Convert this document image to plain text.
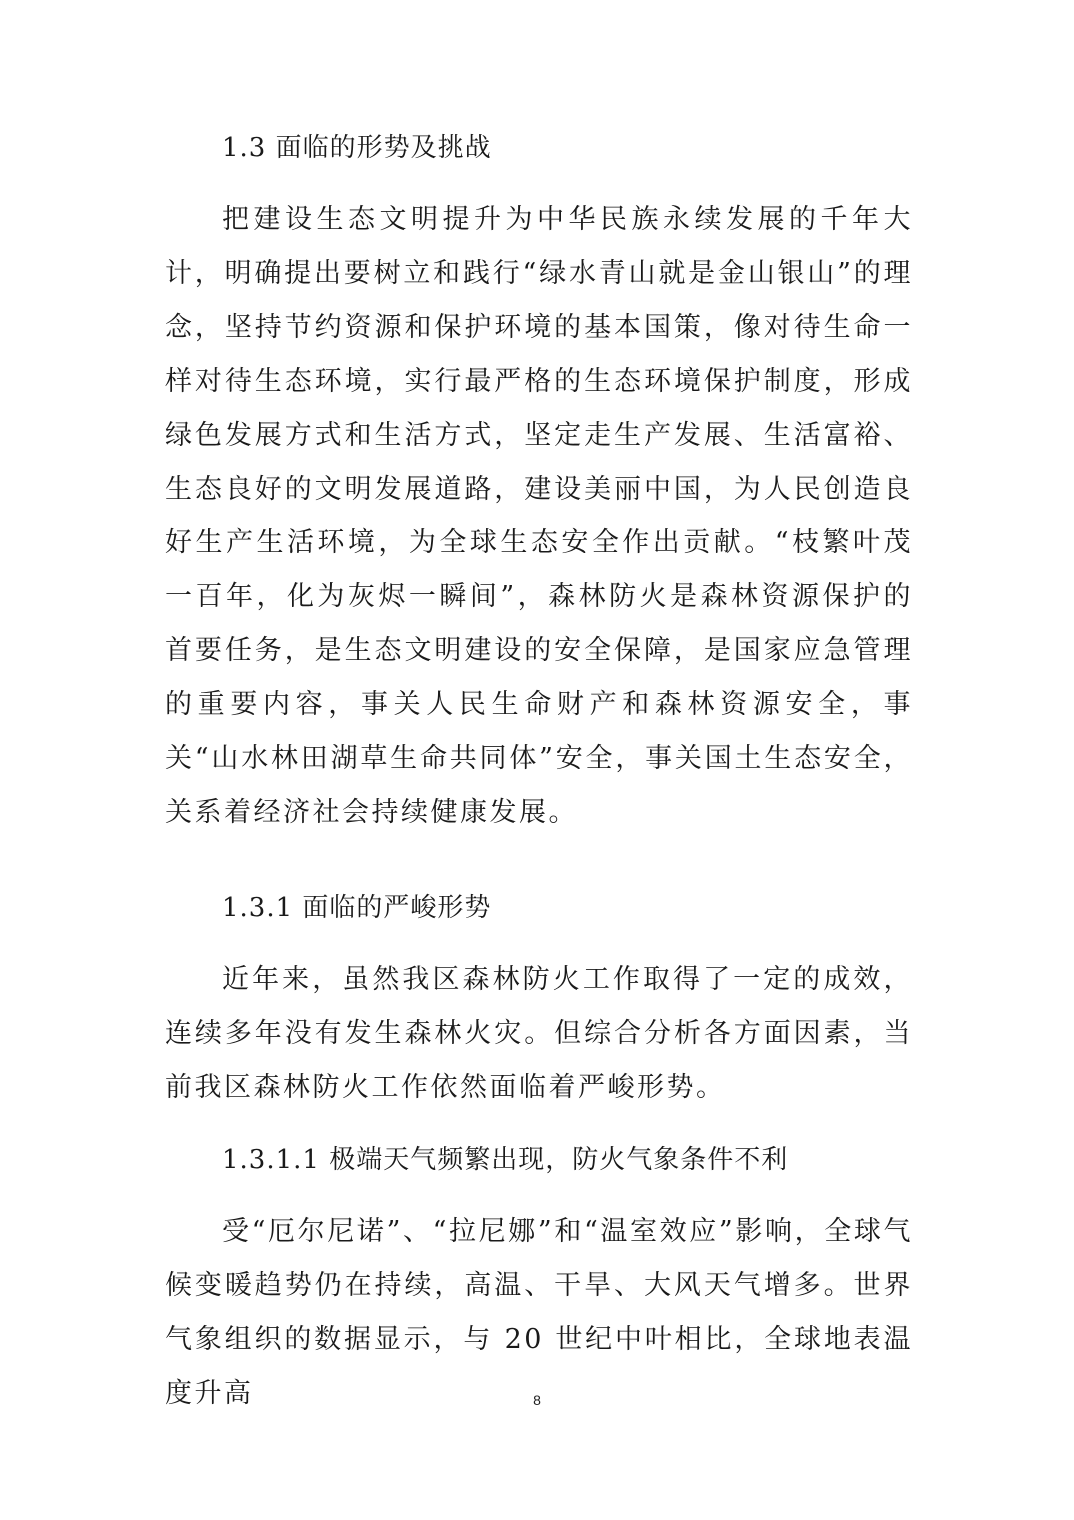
1.3 面临的形势及挑战

把建设生态文明提升为中华民族永续发展的千年大计，明确提出要树立和践行“绿水青山就是金山银山”的理念，坚持节约资源和保护环境的基本国策，像对待生命一样对待生态环境，实行最严格的生态环境保护制度，形成绿色发展方式和生活方式，坚定走生产发展、生活富裕、生态良好的文明发展道路，建设美丽中国，为人民创造良好生产生活环境，为全球生态安全作出贡献。“枝繁叶茂一百年，化为灰烬一瞬间”，森林防火是森林资源保护的首要任务，是生态文明建设的安全保障，是国家应急管理的重要内容，事关人民生命财产和森林资源安全，事关“山水林田湖草生命共同体”安全，事关国土生态安全，关系着经济社会持续健康发展。

1.3.1 面临的严峻形势

近年来，虽然我区森林防火工作取得了一定的成效，连续多年没有发生森林火灾。但综合分析各方面因素，当前我区森林防火工作依然面临着严峻形势。

1.3.1.1 极端天气频繁出现，防火气象条件不利

受“厄尔尼诺”、“拉尼娜”和“温室效应”影响，全球气候变暖趋势仍在持续，高温、干旱、大风天气增多。世界气象组织的数据显示，与 20 世纪中叶相比，全球地表温度升高	8
